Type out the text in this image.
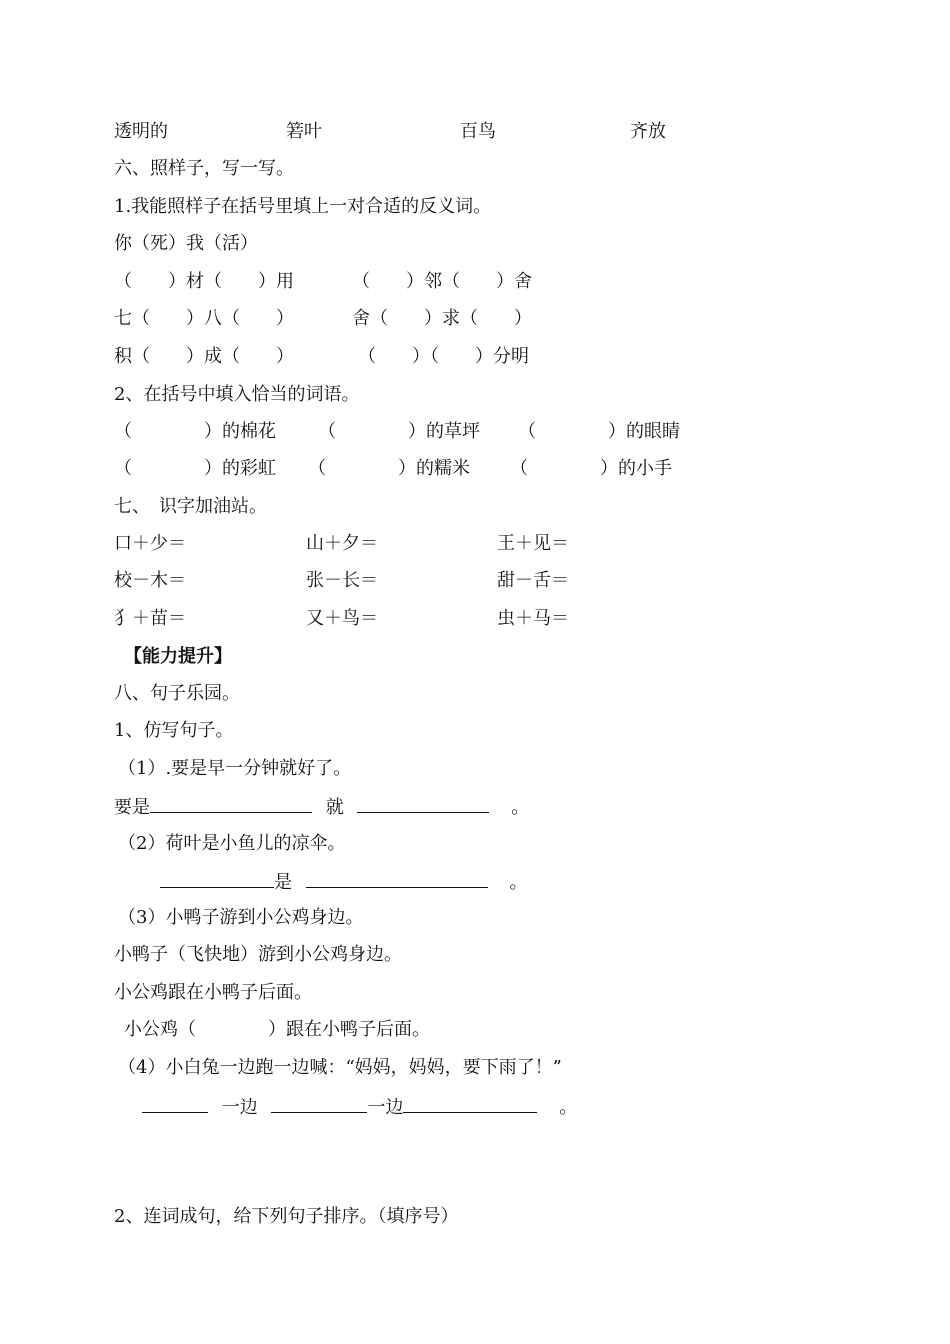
透明的	箬叶	百鸟	齐放
六、照样子，写一写。
1.我能照样子在括号里填上一对合适的反义词。
你（死）我（活）
（　　）材（　　）用	（　　）邻（　　）舍
七（　　）八（　　）	舍（　　）求（　　）
积（　　）成（　　）	（　　）（　　）分明
2、在括号中填入恰当的词语。
（　　　　）的棉花 （　　　　）的草坪 （　　　　）的眼睛
（　　　　）的彩虹 （　　　　）的糯米 （　　　　）的小手
七、　识字加油站。
口＋少＝	山＋夕＝	王＋见＝
校－木＝	张－长＝	甜－舌＝
犭＋苗＝	又＋鸟＝	虫＋马＝
【能力提升】
八、句子乐园。
1、仿写句子。
（1）.要是早一分钟就好了。
要是	就	。
（2）荷叶是小鱼儿的凉伞。
是	。
（3）小鸭子游到小公鸡身边。
小鸭子（飞快地）游到小公鸡身边。
小公鸡跟在小鸭子后面。
小公鸡（　　　　）跟在小鸭子后面。
（4）小白兔一边跑一边喊：“妈妈，妈妈，要下雨了！”
一边	一边	。
2、连词成句，给下列句子排序。（填序号）
